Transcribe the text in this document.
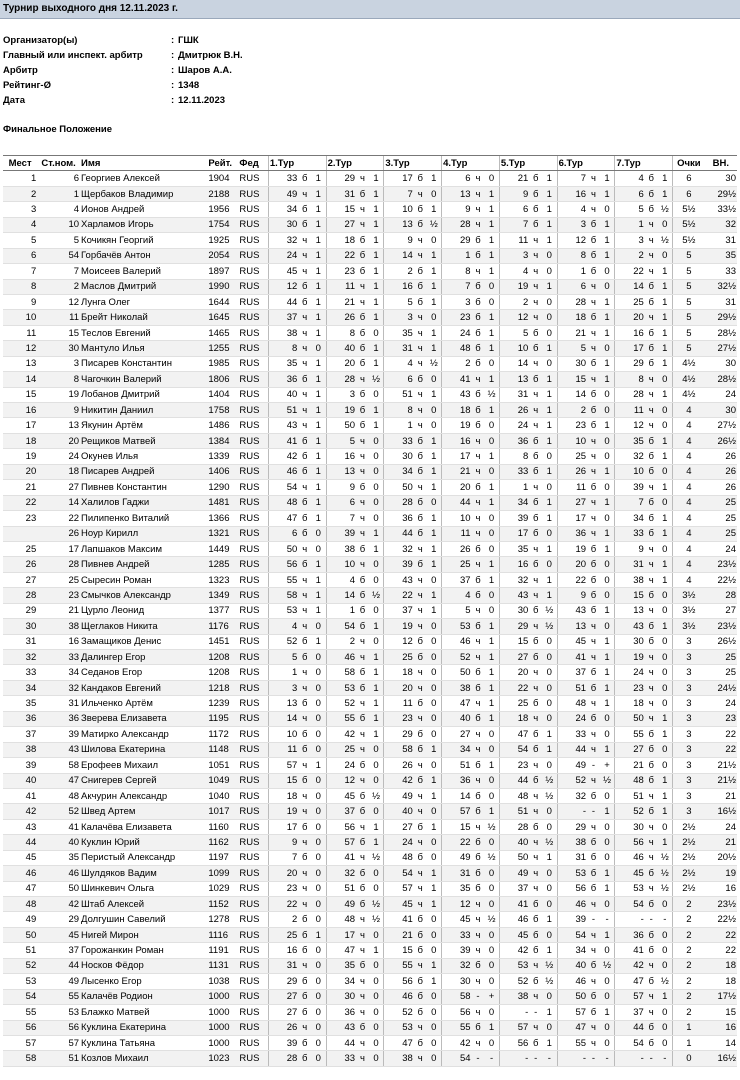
Турнир выходного дня 12.11.2023 г.
Организатор(ы)	: ГШК
Главный или инспект. арбитр	: Дмитрюк В.Н.
Арбитр	: Шаров А.А.
Рейтинг-Ø	: 1348
Дата	: 12.11.2023
Финальное Положение
Мест	Ст.ном.	Имя	Рейт.	Фед	1.Тур			2.Тур			3.Тур			4.Тур			5.Тур			6.Тур			7.Тур			Очки	ВН.
1	6	Георгиев Алексей	1904	RUS	33	б	1	29	ч	1	17	б	1	6	ч	0	21	б	1	7	ч	1	4	б	1	6	30
2	1	Щербаков Владимир	2188	RUS	49	ч	1	31	б	1	7	ч	0	13	ч	1	9	б	1	16	ч	1	6	б	1	6	29½
3	4	Ионов Андрей	1956	RUS	34	б	1	15	ч	1	10	б	1	9	ч	1	6	б	1	4	ч	0	5	б	½	5½	33½
4	10	Харламов Игорь	1754	RUS	30	б	1	27	ч	1	13	б	½	28	ч	1	7	б	1	3	б	1	1	ч	0	5½	32
5	5	Кочикян Георгий	1925	RUS	32	ч	1	18	б	1	9	ч	0	29	б	1	11	ч	1	12	б	1	3	ч	½	5½	31
6	54	Горбачёв Антон	2054	RUS	24	ч	1	22	б	1	14	ч	1	1	б	1	3	ч	0	8	б	1	2	ч	0	5	35
7	7	Моисеев Валерий	1897	RUS	45	ч	1	23	б	1	2	б	1	8	ч	1	4	ч	0	1	б	0	22	ч	1	5	33
8	2	Маслов Дмитрий	1990	RUS	12	б	1	11	ч	1	16	б	1	7	б	0	19	ч	1	6	ч	0	14	б	1	5	32½
9	12	Лунга Олег	1644	RUS	44	б	1	21	ч	1	5	б	1	3	б	0	2	ч	0	28	ч	1	25	б	1	5	31
10	11	Брейт Николай	1645	RUS	37	ч	1	26	б	1	3	ч	0	23	б	1	12	ч	0	18	б	1	20	ч	1	5	29½
11	15	Теслов Евгений	1465	RUS	38	ч	1	8	б	0	35	ч	1	24	б	1	5	б	0	21	ч	1	16	б	1	5	28½
12	30	Мантуло Илья	1255	RUS	8	ч	0	40	б	1	31	ч	1	48	б	1	10	б	1	5	ч	0	17	б	1	5	27½
13	3	Писарев Константин	1985	RUS	35	ч	1	20	б	1	4	ч	½	2	б	0	14	ч	0	30	б	1	29	б	1	4½	30
14	8	Чагочкин Валерий	1806	RUS	36	б	1	28	ч	½	6	б	0	41	ч	1	13	б	1	15	ч	1	8	ч	0	4½	28½
15	19	Лобанов Дмитрий	1404	RUS	40	ч	1	3	б	0	51	ч	1	43	б	½	31	ч	1	14	б	0	28	ч	1	4½	24
16	9	Никитин Даниил	1758	RUS	51	ч	1	19	б	1	8	ч	0	18	б	1	26	ч	1	2	б	0	11	ч	0	4	30
17	13	Якунин Артём	1486	RUS	43	ч	1	50	б	1	1	ч	0	19	б	0	24	ч	1	23	б	1	12	ч	0	4	27½
18	20	Рещиков Матвей	1384	RUS	41	б	1	5	ч	0	33	б	1	16	ч	0	36	б	1	10	ч	0	35	б	1	4	26½
19	24	Окунев Илья	1339	RUS	42	б	1	16	ч	0	30	б	1	17	ч	1	8	б	0	25	ч	0	32	б	1	4	26
20	18	Писарев Андрей	1406	RUS	46	б	1	13	ч	0	34	б	1	21	ч	0	33	б	1	26	ч	1	10	б	0	4	26
21	27	Пивнев Константин	1290	RUS	54	ч	1	9	б	0	50	ч	1	20	б	1	1	ч	0	11	б	0	39	ч	1	4	26
22	14	Халилов Гаджи	1481	RUS	48	б	1	6	ч	0	28	б	0	44	ч	1	34	б	1	27	ч	1	7	б	0	4	25
23	22	Пилипенко Виталий	1366	RUS	47	б	1	7	ч	0	36	б	1	10	ч	0	39	б	1	17	ч	0	34	б	1	4	25
	26	Ноур Кирилл	1321	RUS	6	б	0	39	ч	1	44	б	1	11	ч	0	17	б	0	36	ч	1	33	б	1	4	25
25	17	Лапшаков Максим	1449	RUS	50	ч	0	38	б	1	32	ч	1	26	б	0	35	ч	1	19	б	1	9	ч	0	4	24
26	28	Пивнев Андрей	1285	RUS	56	б	1	10	ч	0	39	б	1	25	ч	1	16	б	0	20	б	0	31	ч	1	4	23½
27	25	Сыресин Роман	1323	RUS	55	ч	1	4	б	0	43	ч	0	37	б	1	32	ч	1	22	б	0	38	ч	1	4	22½
28	23	Смычков Александр	1349	RUS	58	ч	1	14	б	½	22	ч	1	4	б	0	43	ч	1	9	б	0	15	б	0	3½	28
29	21	Цурло Леонид	1377	RUS	53	ч	1	1	б	0	37	ч	1	5	ч	0	30	б	½	43	б	1	13	ч	0	3½	27
30	38	Щеглаков Никита	1176	RUS	4	ч	0	54	б	1	19	ч	0	53	б	1	29	ч	½	13	ч	0	43	б	1	3½	23½
31	16	Замащиков Денис	1451	RUS	52	б	1	2	ч	0	12	б	0	46	ч	1	15	б	0	45	ч	1	30	б	0	3	26½
32	33	Далингер Егор	1208	RUS	5	б	0	46	ч	1	25	б	0	52	ч	1	27	б	0	41	ч	1	19	ч	0	3	25
33	34	Седанов Егор	1208	RUS	1	ч	0	58	б	1	18	ч	0	50	б	1	20	ч	0	37	б	1	24	ч	0	3	25
34	32	Кандаков Евгений	1218	RUS	3	ч	0	53	б	1	20	ч	0	38	б	1	22	ч	0	51	б	1	23	ч	0	3	24½
35	31	Ильченко Артём	1239	RUS	13	б	0	52	ч	1	11	б	0	47	ч	1	25	б	0	48	ч	1	18	ч	0	3	24
36	36	Зверева Елизавета	1195	RUS	14	ч	0	55	б	1	23	ч	0	40	б	1	18	ч	0	24	б	0	50	ч	1	3	23
37	39	Матирко Александр	1172	RUS	10	б	0	42	ч	1	29	б	0	27	ч	0	47	б	1	33	ч	0	55	б	1	3	22
38	43	Шилова Екатерина	1148	RUS	11	б	0	25	ч	0	58	б	1	34	ч	0	54	б	1	44	ч	1	27	б	0	3	22
39	58	Ерофеев Михаил	1051	RUS	57	ч	1	24	б	0	26	ч	0	51	б	1	23	ч	0	49	-	+	21	б	0	3	21½
40	47	Снигерев Сергей	1049	RUS	15	б	0	12	ч	0	42	б	1	36	ч	0	44	б	½	52	ч	½	48	б	1	3	21½
41	48	Акчурин Александр	1040	RUS	18	ч	0	45	б	½	49	ч	1	14	б	0	48	ч	½	32	б	0	51	ч	1	3	21
42	52	Швед Артем	1017	RUS	19	ч	0	37	б	0	40	ч	0	57	б	1	51	ч	0	-	-	1	52	б	1	3	16½
43	41	Калачёва Елизавета	1160	RUS	17	б	0	56	ч	1	27	б	1	15	ч	½	28	б	0	29	ч	0	30	ч	0	2½	24
44	40	Куклин Юрий	1162	RUS	9	ч	0	57	б	1	24	ч	0	22	б	0	40	ч	½	38	б	0	56	ч	1	2½	21
45	35	Перистый Александр	1197	RUS	7	б	0	41	ч	½	48	б	0	49	б	½	50	ч	1	31	б	0	46	ч	½	2½	20½
46	46	Шулдяков Вадим	1099	RUS	20	ч	0	32	б	0	54	ч	1	31	б	0	49	ч	0	53	б	1	45	б	½	2½	19
47	50	Шинкевич Ольга	1029	RUS	23	ч	0	51	б	0	57	ч	1	35	б	0	37	ч	0	56	б	1	53	ч	½	2½	16
48	42	Штаб Алексей	1152	RUS	22	ч	0	49	б	½	45	ч	1	12	ч	0	41	б	0	46	ч	0	54	б	0	2	23½
49	29	Долгушин Савелий	1278	RUS	2	б	0	48	ч	½	41	б	0	45	ч	½	46	б	1	39	-	-	-	-	-	2	22½
50	45	Нигей Мирон	1116	RUS	25	б	1	17	ч	0	21	б	0	33	ч	0	45	б	0	54	ч	1	36	б	0	2	22
51	37	Горожанкин Роман	1191	RUS	16	б	0	47	ч	1	15	б	0	39	ч	0	42	б	1	34	ч	0	41	б	0	2	22
52	44	Носков Фёдор	1131	RUS	31	ч	0	35	б	0	55	ч	1	32	б	0	53	ч	½	40	б	½	42	ч	0	2	18
53	49	Лысенко Егор	1038	RUS	29	б	0	34	ч	0	56	б	1	30	ч	0	52	б	½	46	ч	0	47	б	½	2	18
54	55	Калачёв Родион	1000	RUS	27	б	0	30	ч	0	46	б	0	58	-	+	38	ч	0	50	б	0	57	ч	1	2	17½
55	53	Блажко Матвей	1000	RUS	27	б	0	36	ч	0	52	б	0	56	ч	0	-	-	1	57	б	1	37	ч	0	2	15
56	56	Куклина Екатерина	1000	RUS	26	ч	0	43	б	0	53	ч	0	55	б	1	57	ч	0	47	ч	0	44	б	0	1	16
57	57	Куклина Татьяна	1000	RUS	39	б	0	44	ч	0	47	б	0	42	ч	0	56	б	1	55	ч	0	54	б	0	1	14
58	51	Козлов Михаил	1023	RUS	28	б	0	33	ч	0	38	ч	0	54	-	-	-	-	-	-	-	-	-	-	-	0	16½
